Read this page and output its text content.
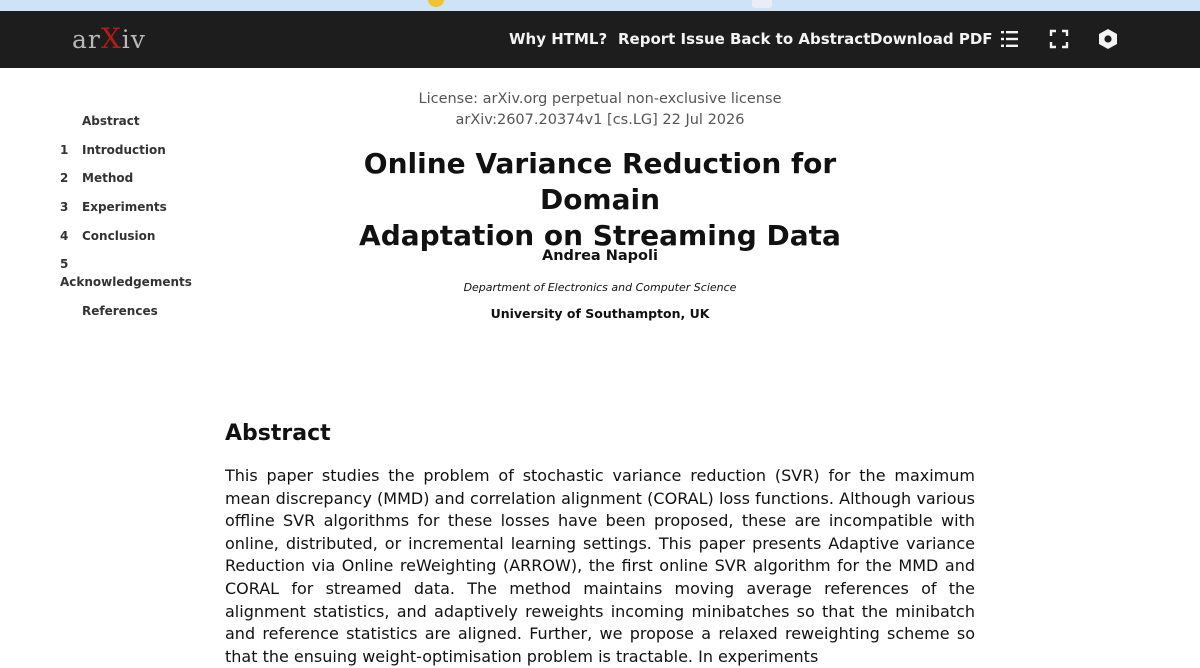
arXiv	Why HTML? Report Issue Back to Abstract Download PDF
Abstract
1 Introduction
2 Method
3 Experiments
4 Conclusion
5
Acknowledgements
References
License: arXiv.org perpetual non-exclusive license
arXiv:2607.20374v1 [cs.LG] 22 Jul 2026
Online Variance Reduction for Domain
Adaptation on Streaming Data
Andrea Napoli
Department of Electronics and Computer Science
University of Southampton, UK
Abstract

This paper studies the problem of stochastic variance reduction (SVR) for the maximum mean discrepancy (MMD) and correlation alignment (CORAL) loss functions. Although various offline SVR algorithms for these losses have been proposed, these are incompatible with online, distributed, or incremental learning settings. This paper presents Adaptive variance Reduction via Online reWeighting (ARROW), the first online SVR algorithm for the MMD and CORAL for streamed data. The method maintains moving average references of the alignment statistics, and adaptively reweights incoming minibatches so that the minibatch and reference statistics are aligned. Further, we propose a relaxed reweighting scheme so that the ensuing weight-optimisation problem is tractable. In experiments
